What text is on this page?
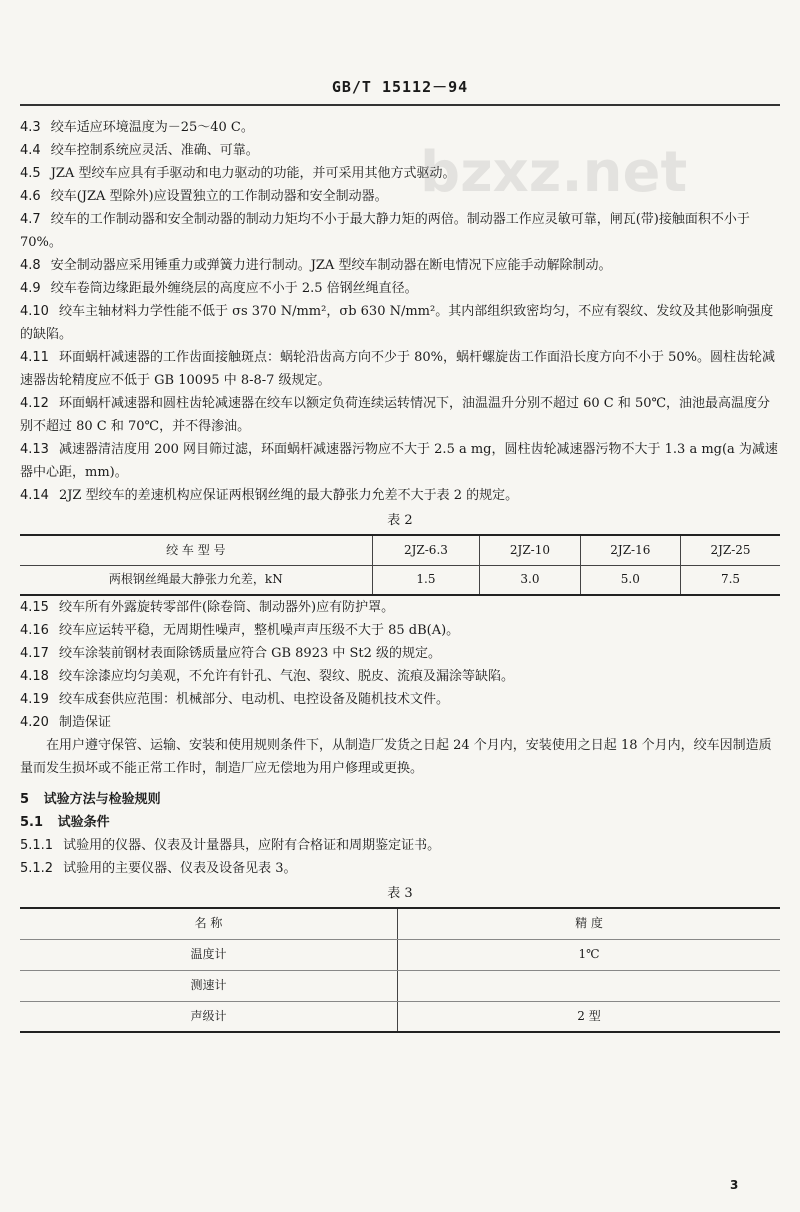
GB/T 15112－94
bzxz.net

4.3 绞车适应环境温度为－25～40 C。

4.4 绞车控制系统应灵活、准确、可靠。

4.5 JZA 型绞车应具有手驱动和电力驱动的功能，并可采用其他方式驱动。

4.6 绞车(JZA 型除外)应设置独立的工作制动器和安全制动器。

4.7 绞车的工作制动器和安全制动器的制动力矩均不小于最大静力矩的两倍。制动器工作应灵敏可靠，闸瓦(带)接触面积不小于 70%。

4.8 安全制动器应采用锤重力或弹簧力进行制动。JZA 型绞车制动器在断电情况下应能手动解除制动。

4.9 绞车卷筒边缘距最外缠绕层的高度应不小于 2.5 倍钢丝绳直径。

4.10 绞车主轴材料力学性能不低于 σs 370 N/mm²，σb 630 N/mm²。其内部组织致密均匀，不应有裂纹、发纹及其他影响强度的缺陷。

4.11 环面蜗杆减速器的工作齿面接触斑点：蜗轮沿齿高方向不少于 80%，蜗杆螺旋齿工作面沿长度方向不小于 50%。圆柱齿轮减速器齿轮精度应不低于 GB 10095 中 8-8-7 级规定。

4.12 环面蜗杆减速器和圆柱齿轮减速器在绞车以额定负荷连续运转情况下，油温温升分别不超过 60 C 和 50℃，油池最高温度分别不超过 80 C 和 70℃，并不得渗油。

4.13 减速器清洁度用 200 网目筛过滤，环面蜗杆减速器污物应不大于 2.5 a mg，圆柱齿轮减速器污物不大于 1.3 a mg(a 为减速器中心距，mm)。

4.14 2JZ 型绞车的差速机构应保证两根钢丝绳的最大静张力允差不大于表 2 的规定。

表 2
绞 车 型 号	2JZ-6.3	2JZ-10	2JZ-16	2JZ-25
两根钢丝绳最大静张力允差，kN	1.5	3.0	5.0	7.5

4.15 绞车所有外露旋转零部件(除卷筒、制动器外)应有防护罩。

4.16 绞车应运转平稳，无周期性噪声，整机噪声声压级不大于 85 dB(A)。

4.17 绞车涂装前钢材表面除锈质量应符合 GB 8923 中 St2 级的规定。

4.18 绞车涂漆应均匀美观，不允许有针孔、气泡、裂纹、脱皮、流痕及漏涂等缺陷。

4.19 绞车成套供应范围：机械部分、电动机、电控设备及随机技术文件。

4.20 制造保证

在用户遵守保管、运输、安装和使用规则条件下，从制造厂发货之日起 24 个月内，安装使用之日起 18 个月内，绞车因制造质量而发生损坏或不能正常工作时，制造厂应无偿地为用户修理或更换。

5 试验方法与检验规则

5.1 试验条件

5.1.1 试验用的仪器、仪表及计量器具，应附有合格证和周期鉴定证书。

5.1.2 试验用的主要仪器、仪表及设备见表 3。

表 3
名 称	精 度
温度计	1℃
测速计	
声级计	2 型
3
